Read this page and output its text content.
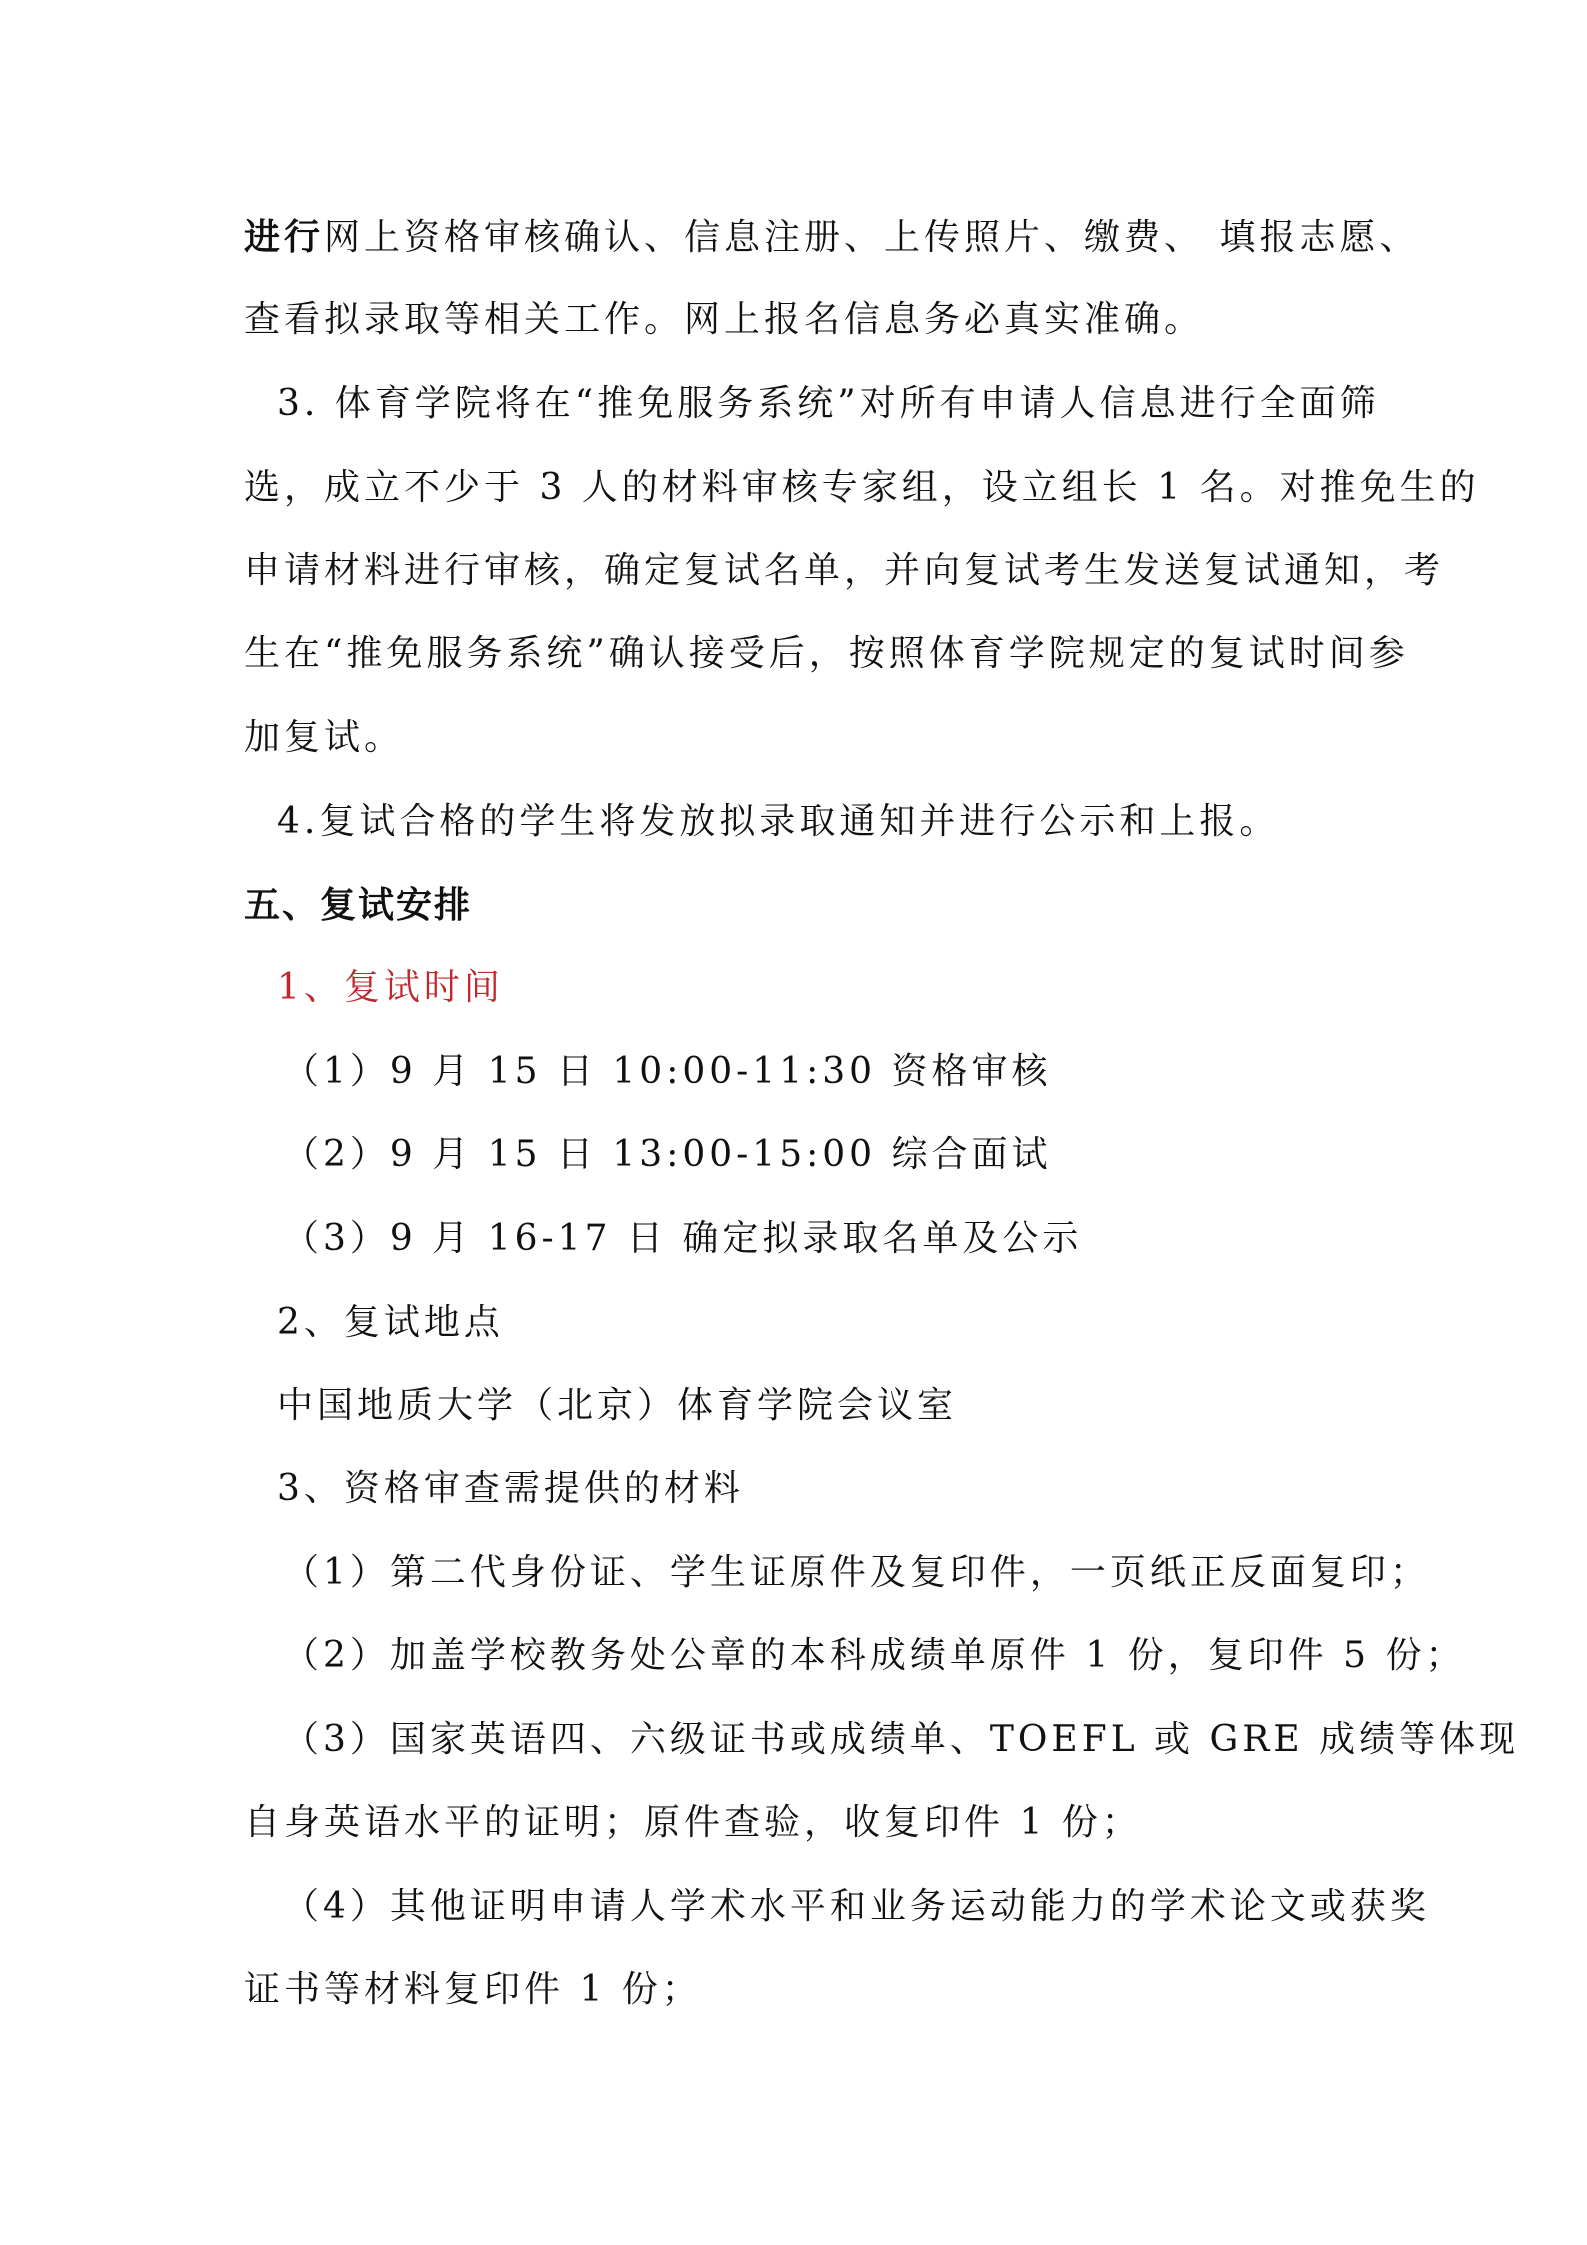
进行网上资格审核确认、信息注册、上传照片、缴费、 填报志愿、
查看拟录取等相关工作。网上报名信息务必真实准确。
3. 体育学院将在“推免服务系统”对所有申请人信息进行全面筛
选，成立不少于 3 人的材料审核专家组，设立组长 1 名。对推免生的
申请材料进行审核，确定复试名单，并向复试考生发送复试通知，考
生在“推免服务系统”确认接受后，按照体育学院规定的复试时间参
加复试。
4.复试合格的学生将发放拟录取通知并进行公示和上报。
五、复试安排
1、复试时间
（1）9 月 15 日 10:00-11:30 资格审核
（2）9 月 15 日 13:00-15:00 综合面试
（3）9 月 16-17 日 确定拟录取名单及公示
2、复试地点
中国地质大学（北京）体育学院会议室
3、资格审查需提供的材料
（1）第二代身份证、学生证原件及复印件，一页纸正反面复印；
（2）加盖学校教务处公章的本科成绩单原件 1 份，复印件 5 份；
（3）国家英语四、六级证书或成绩单、TOEFL 或 GRE 成绩等体现
自身英语水平的证明；原件查验，收复印件 1 份；
（4）其他证明申请人学术水平和业务运动能力的学术论文或获奖
证书等材料复印件 1 份；
